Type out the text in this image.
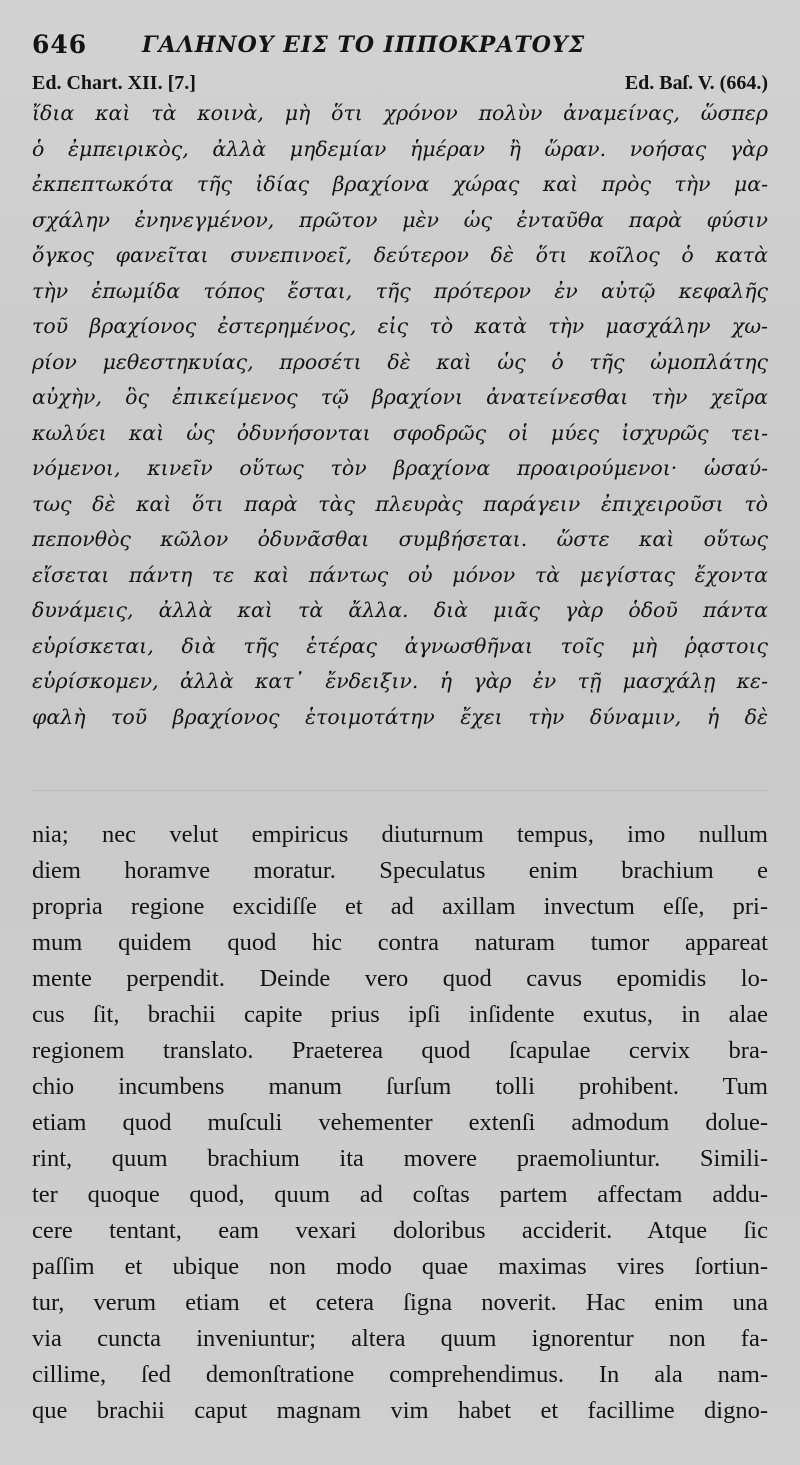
646 ΓΑΛΗΝΟΥ ΕΙΣ ΤΟ ΙΠΠΟΚΡΑΤΟΥΣ
Ed. Chart. XII. [7.]	Ed. Baſ. V. (664.)
ἴδια καὶ τὰ κοινὰ, μὴ ὅτι χρόνον πολὺν ἀναμείνας, ὥσπερ
ὁ ἐμπειρικὸς, ἀλλὰ μηδεμίαν ἡμέραν ἢ ὥραν. νοήσας γὰρ
ἐκπεπτωκότα τῆς ἰδίας βραχίονα χώρας καὶ πρὸς τὴν μα-
σχάλην ἐνηνεγμένον, πρῶτον μὲν ὡς ἐνταῦθα παρὰ φύσιν
ὄγκος φανεῖται συνεπινοεῖ, δεύτερον δὲ ὅτι κοῖλος ὁ κατὰ
τὴν ἐπωμίδα τόπος ἔσται, τῆς πρότερον ἐν αὐτῷ κεφαλῆς
τοῦ βραχίονος ἐστερημένος, εἰς τὸ κατὰ τὴν μασχάλην χω-
ρίον μεθεστηκυίας, προσέτι δὲ καὶ ὡς ὁ τῆς ὠμοπλάτης
αὐχὴν, ὃς ἐπικείμενος τῷ βραχίονι ἀνατείνεσθαι τὴν χεῖρα
κωλύει καὶ ὡς ὀδυνήσονται σφοδρῶς οἱ μύες ἰσχυρῶς τει-
νόμενοι, κινεῖν οὕτως τὸν βραχίονα προαιρούμενοι· ὡσαύ-
τως δὲ καὶ ὅτι παρὰ τὰς πλευρὰς παράγειν ἐπιχειροῦσι τὸ
πεπονθὸς κῶλον ὀδυνᾶσθαι συμβήσεται. ὥστε καὶ οὕτως
εἴσεται πάντη τε καὶ πάντως οὐ μόνον τὰ μεγίστας ἔχοντα
δυνάμεις, ἀλλὰ καὶ τὰ ἄλλα. διὰ μιᾶς γὰρ ὁδοῦ πάντα
εὑρίσκεται, διὰ τῆς ἑτέρας ἀγνωσθῆναι τοῖς μὴ ῥᾳστοις
εὑρίσκομεν, ἀλλὰ κατ᾽ ἔνδειξιν. ἡ γὰρ ἐν τῇ μασχάλῃ κε-
φαλὴ τοῦ βραχίονος ἑτοιμοτάτην ἔχει τὴν δύναμιν, ἡ δὲ
nia; nec velut empiricus diuturnum tempus, imo nullum
diem horamve moratur. Speculatus enim brachium e
propria regione excidiſſe et ad axillam invectum eſſe, pri-
mum quidem quod hic contra naturam tumor appareat
mente perpendit. Deinde vero quod cavus epomidis lo-
cus ſit, brachii capite prius ipſi inſidente exutus, in alae
regionem translato. Praeterea quod ſcapulae cervix bra-
chio incumbens manum ſurſum tolli prohibent. Tum
etiam quod muſculi vehementer extenſi admodum dolue-
rint, quum brachium ita movere praemoliuntur. Simili-
ter quoque quod, quum ad coſtas partem affectam addu-
cere tentant, eam vexari doloribus acciderit. Atque ſic
paſſim et ubique non modo quae maximas vires ſortiun-
tur, verum etiam et cetera ſigna noverit. Hac enim una
via cuncta inveniuntur; altera quum ignorentur non fa-
cillime, ſed demonſtratione comprehendimus. In ala nam-
que brachii caput magnam vim habet et facillime digno-
